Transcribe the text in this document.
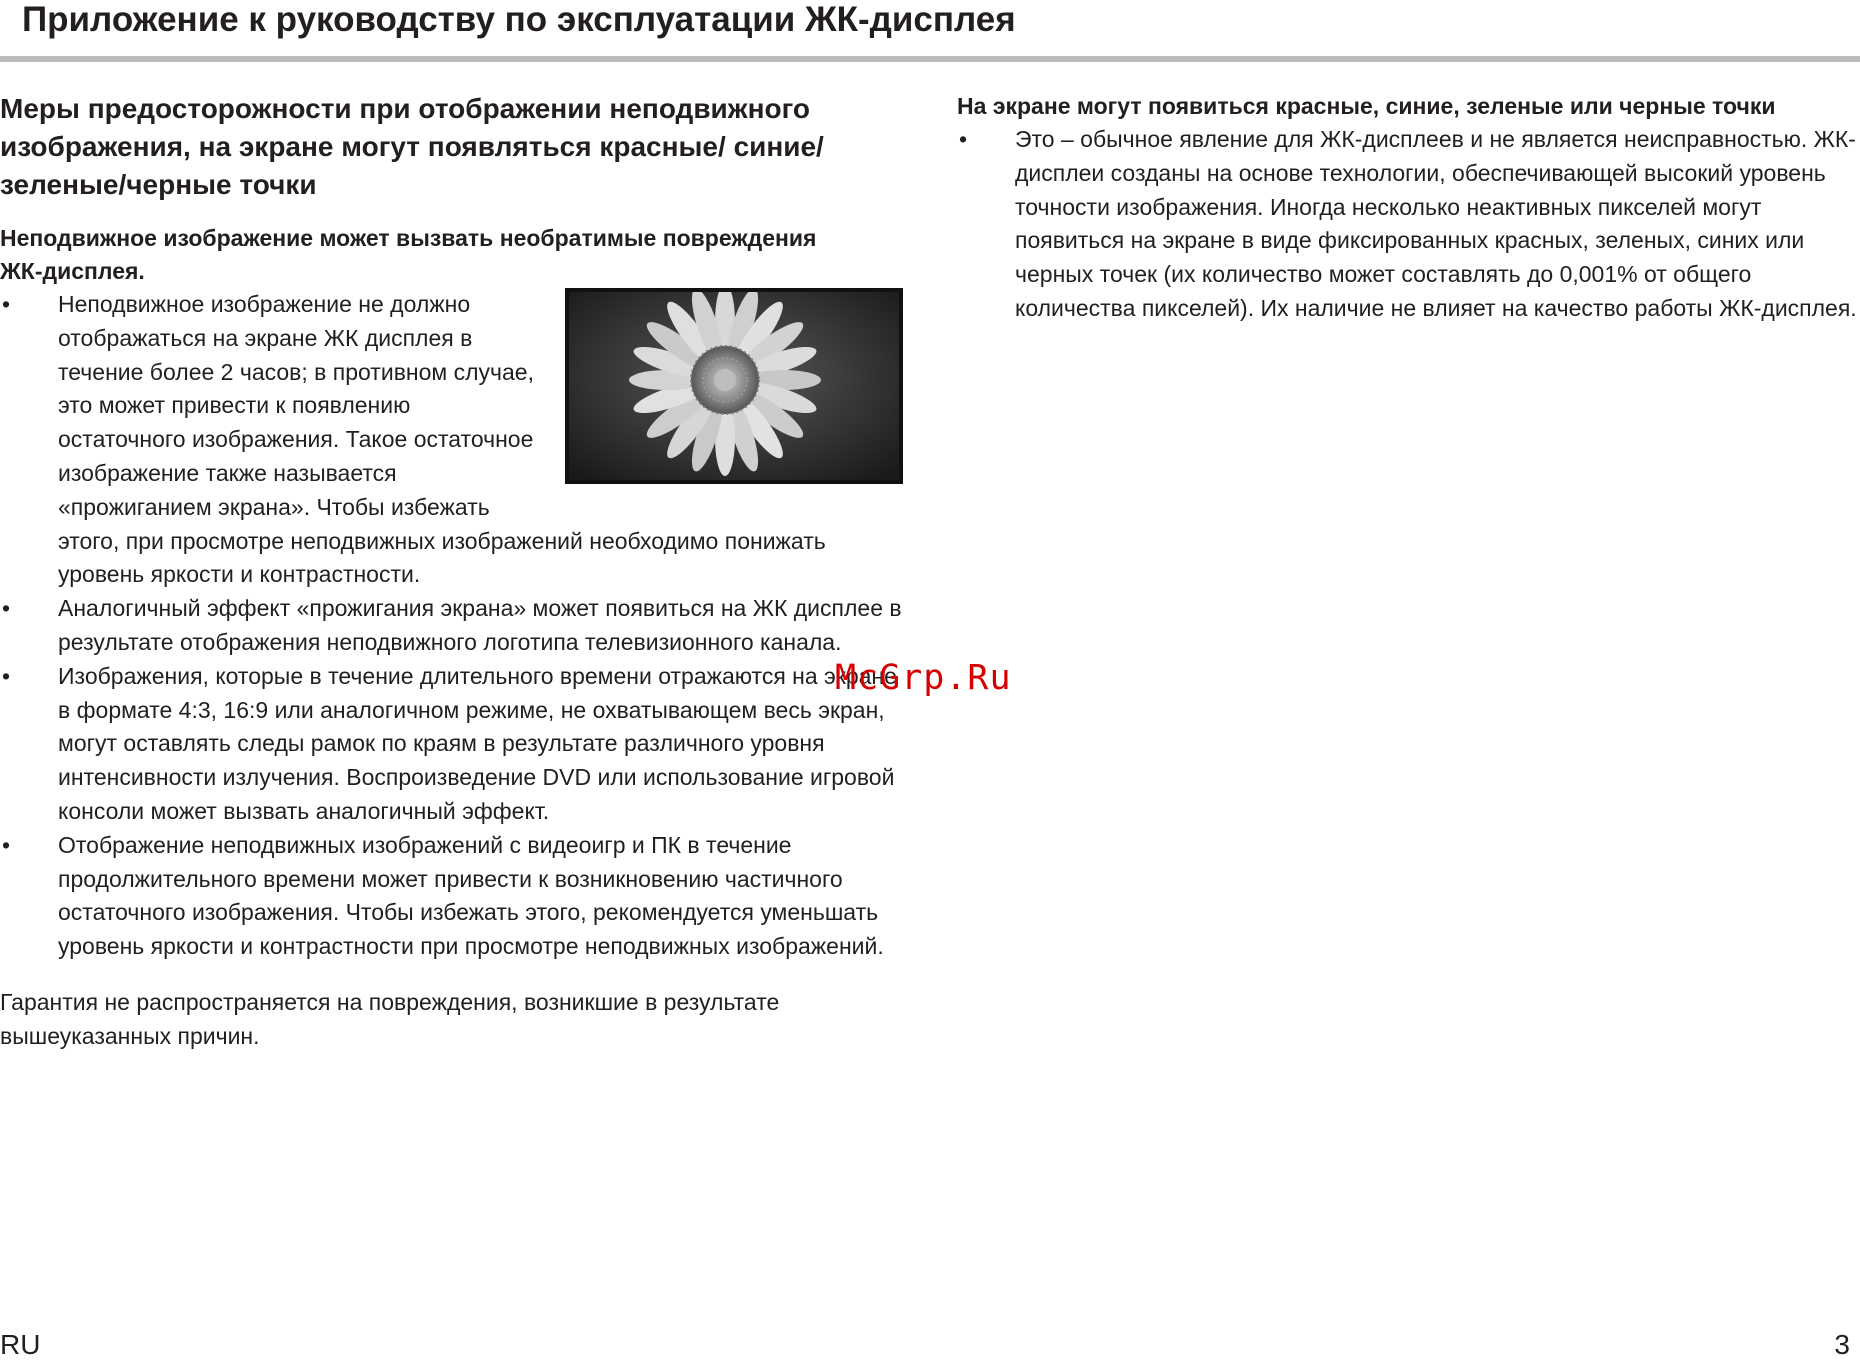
Приложение к руководству по эксплуатации ЖК-дисплея
Меры предосторожности при отображении неподвижного изображения, на экране могут появляться красные/ синие/зеленые/черные точки
Неподвижное изображение может вызвать необратимые повреждения ЖК-дисплея.
• Неподвижное изображение не должно отображаться на экране ЖК дисплея в течение более 2 часов; в противном случае, это может привести к появлению остаточного изображения. Такое остаточное изображение также называется «прожиганием экрана». Чтобы избежать этого, при просмотре неподвижных изображений необходимо понижать уровень яркости и контрастности.
• Аналогичный эффект «прожигания экрана» может появиться на ЖК дисплее в результате отображения неподвижного логотипа телевизионного канала.
• Изображения, которые в течение длительного времени отражаются на экране в формате 4:3, 16:9 или аналогичном режиме, не охватывающем весь экран, могут оставлять следы рамок по краям в результате различного уровня интенсивности излучения. Воспроизведение DVD или использование игровой консоли может вызвать аналогичный эффект.
• Отображение неподвижных изображений с видеоигр и ПК в течение продолжительного времени может привести к возникновению частичного остаточного изображения. Чтобы избежать этого, рекомендуется уменьшать уровень яркости и контрастности при просмотре неподвижных изображений.

Гарантия не распространяется на повреждения, возникшие в результате вышеуказанных причин.

На экране могут появиться красные, синие, зеленые или черные точки
• Это – обычное явление для ЖК-дисплеев и не является неисправностью. ЖК-дисплеи созданы на основе технологии, обеспечивающей высокий уровень точности изображения. Иногда несколько неактивных пикселей могут появиться на экране в виде фиксированных красных, зеленых, синих или черных точек (их количество может составлять до 0,001% от общего количества пикселей). Их наличие не влияет на качество работы ЖК-дисплея.
McGrp.Ru
RU	3
